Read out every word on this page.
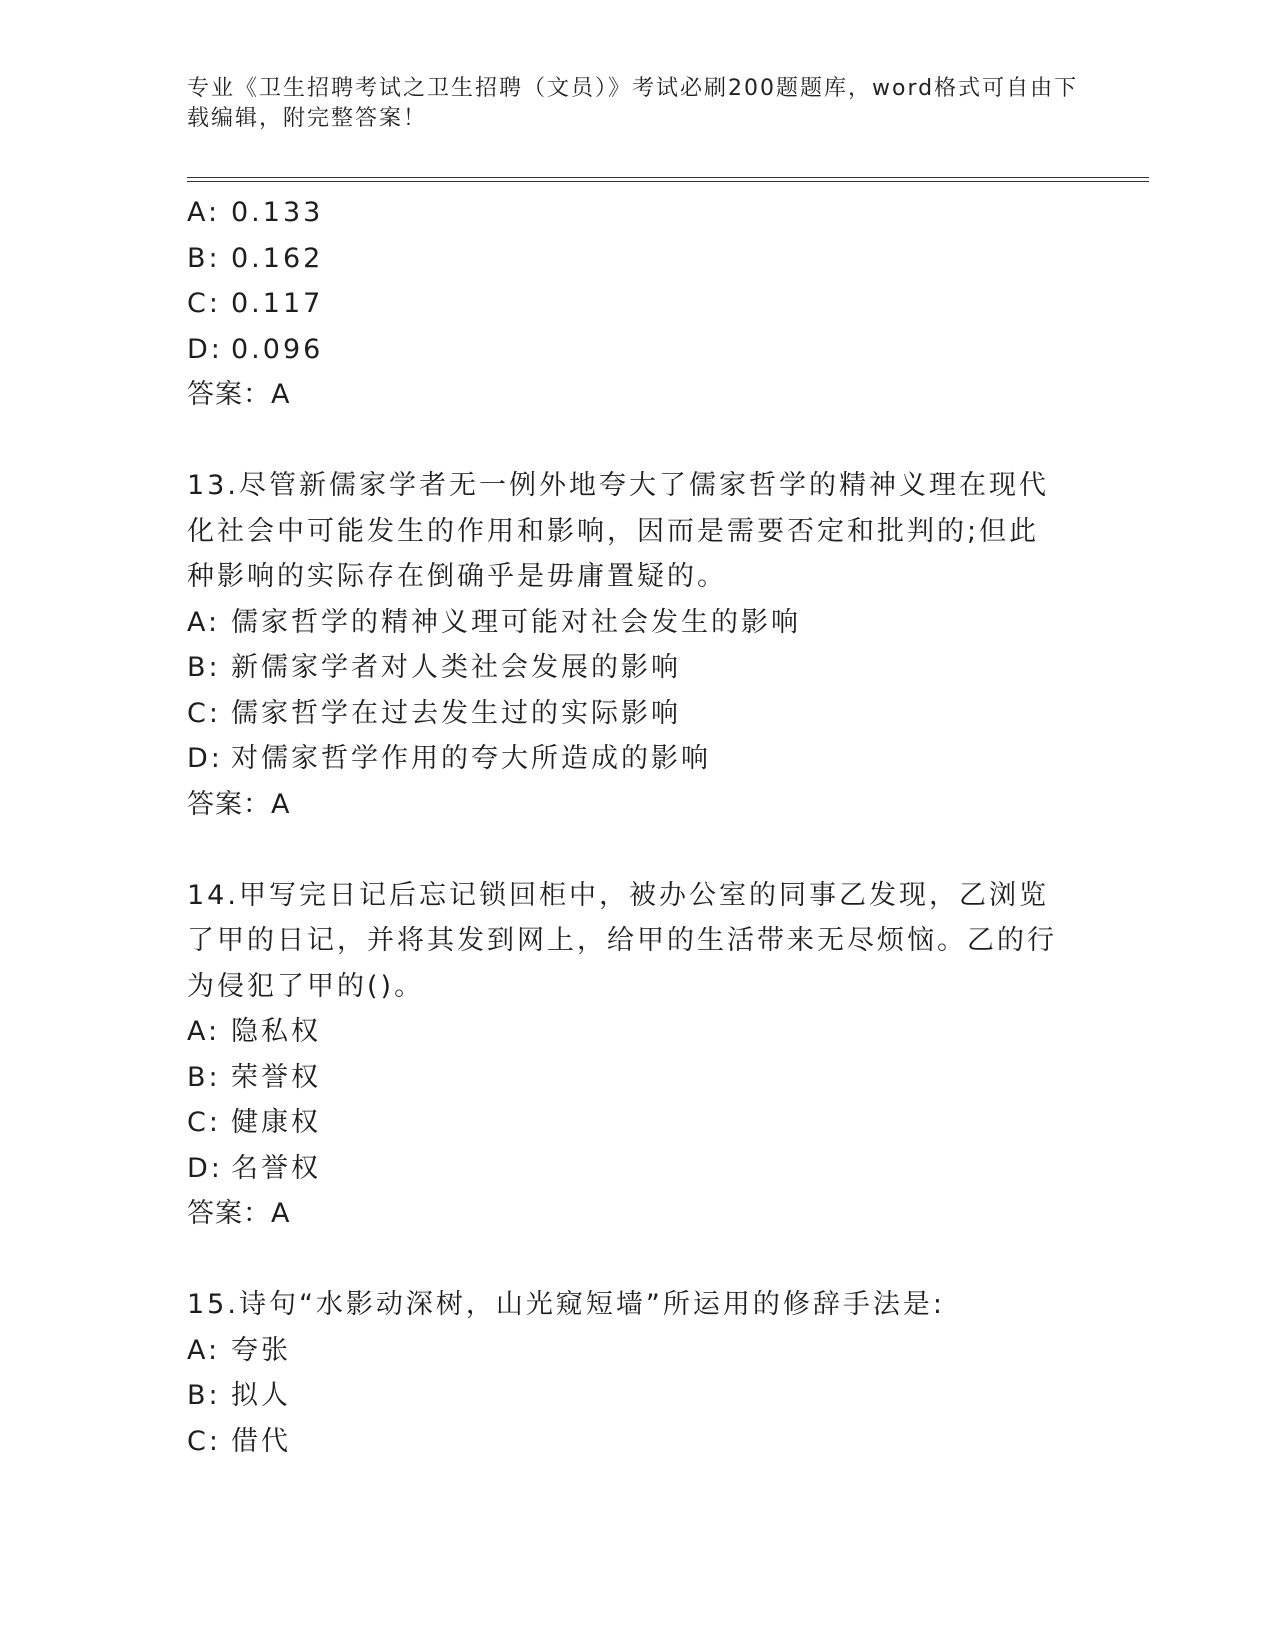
专业《卫生招聘考试之卫生招聘（文员）》考试必刷200题题库，word格式可自由下载编辑，附完整答案！
A: 0.133
B: 0.162
C: 0.117
D: 0.096
答案：A
13.尽管新儒家学者无一例外地夸大了儒家哲学的精神义理在现代化社会中可能发生的作用和影响，因而是需要否定和批判的;但此种影响的实际存在倒确乎是毋庸置疑的。
A: 儒家哲学的精神义理可能对社会发生的影响
B: 新儒家学者对人类社会发展的影响
C: 儒家哲学在过去发生过的实际影响
D: 对儒家哲学作用的夸大所造成的影响
答案：A
14.甲写完日记后忘记锁回柜中，被办公室的同事乙发现，乙浏览了甲的日记，并将其发到网上，给甲的生活带来无尽烦恼。乙的行为侵犯了甲的()。
A: 隐私权
B: 荣誉权
C: 健康权
D: 名誉权
答案：A
15.诗句“水影动深树，山光窥短墙”所运用的修辞手法是:
A: 夸张
B: 拟人
C: 借代
